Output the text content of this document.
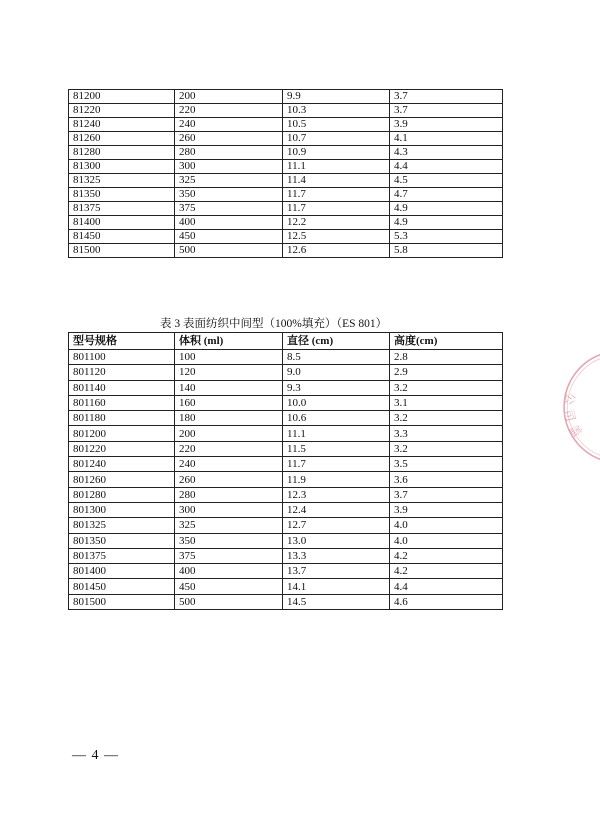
81200	200	9.9	3.7
81220	220	10.3	3.7
81240	240	10.5	3.9
81260	260	10.7	4.1
81280	280	10.9	4.3
81300	300	11.1	4.4
81325	325	11.4	4.5
81350	350	11.7	4.7
81375	375	11.7	4.9
81400	400	12.2	4.9
81450	450	12.5	5.3
81500	500	12.6	5.8
表 3 表面纺织中间型（100%填充）（ES 801）
型号规格	体积 (ml)	直径 (cm)	高度(cm)
801100	100	8.5	2.8
801120	120	9.0	2.9
801140	140	9.3	3.2
801160	160	10.0	3.1
801180	180	10.6	3.2
801200	200	11.1	3.3
801220	220	11.5	3.2
801240	240	11.7	3.5
801260	260	11.9	3.6
801280	280	12.3	3.7
801300	300	12.4	3.9
801325	325	12.7	4.0
801350	350	13.0	4.0
801375	375	13.3	4.2
801400	400	13.7	4.2
801450	450	14.1	4.4
801500	500	14.5	4.6
— 4 —
公司盖
